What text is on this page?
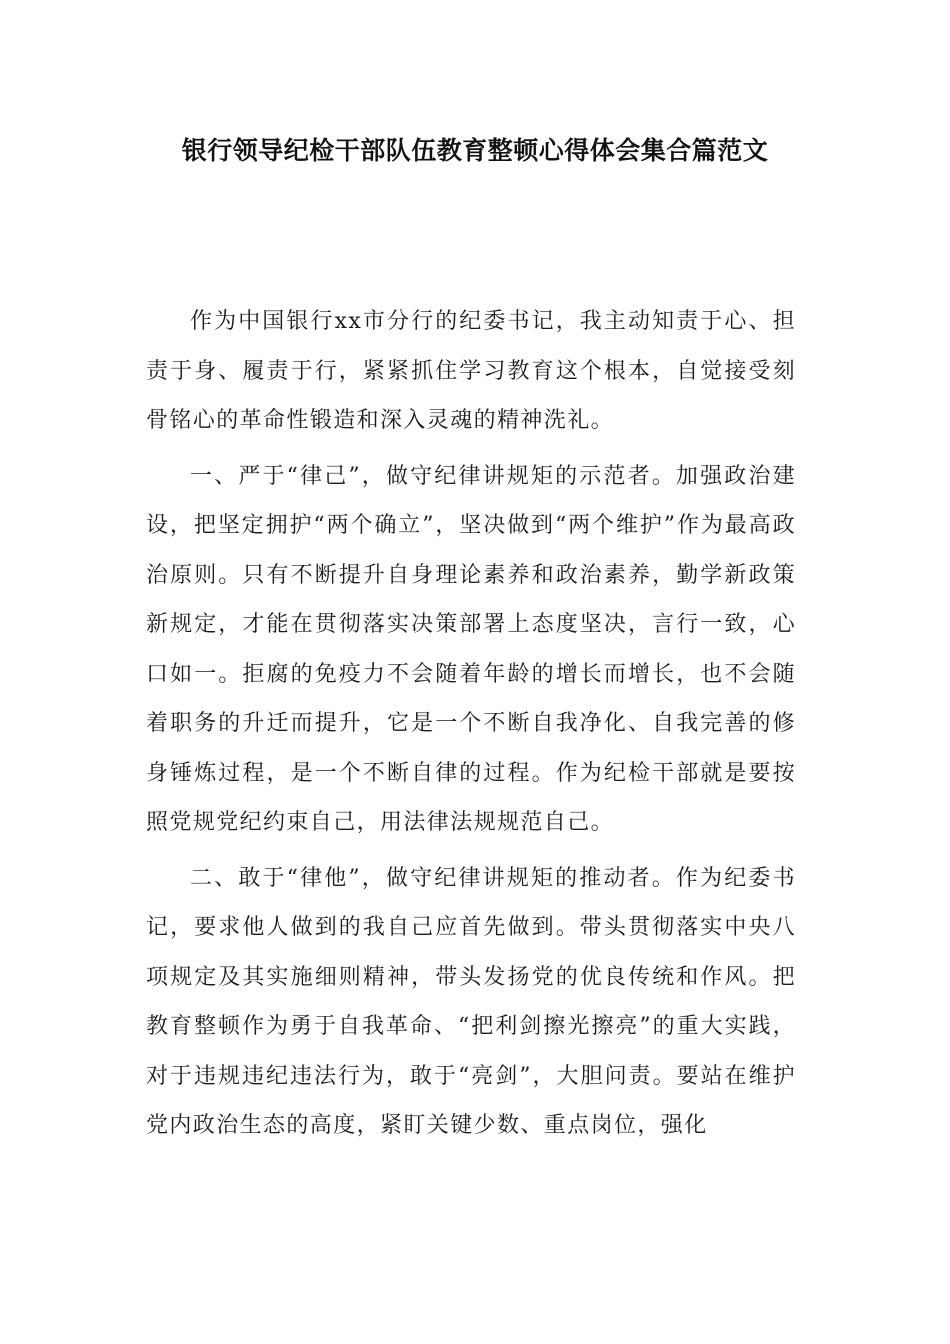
银行领导纪检干部队伍教育整顿心得体会集合篇范文

作为中国银行xx市分行的纪委书记，我主动知责于心、担责于身、履责于行，紧紧抓住学习教育这个根本，自觉接受刻骨铭心的革命性锻造和深入灵魂的精神洗礼。

一、严于“律己”，做守纪律讲规矩的示范者。加强政治建设，把坚定拥护“两个确立”，坚决做到“两个维护”作为最高政治原则。只有不断提升自身理论素养和政治素养，勤学新政策新规定，才能在贯彻落实决策部署上态度坚决，言行一致，心口如一。拒腐的免疫力不会随着年龄的增长而增长，也不会随着职务的升迁而提升，它是一个不断自我净化、自我完善的修身锤炼过程，是一个不断自律的过程。作为纪检干部就是要按照党规党纪约束自己，用法律法规规范自己。

二、敢于“律他”，做守纪律讲规矩的推动者。作为纪委书记，要求他人做到的我自己应首先做到。带头贯彻落实中央八项规定及其实施细则精神，带头发扬党的优良传统和作风。把教育整顿作为勇于自我革命、“把利剑擦光擦亮”的重大实践，对于违规违纪违法行为，敢于“亮剑”，大胆问责。要站在维护党内政治生态的高度，紧盯关键少数、重点岗位，强化
